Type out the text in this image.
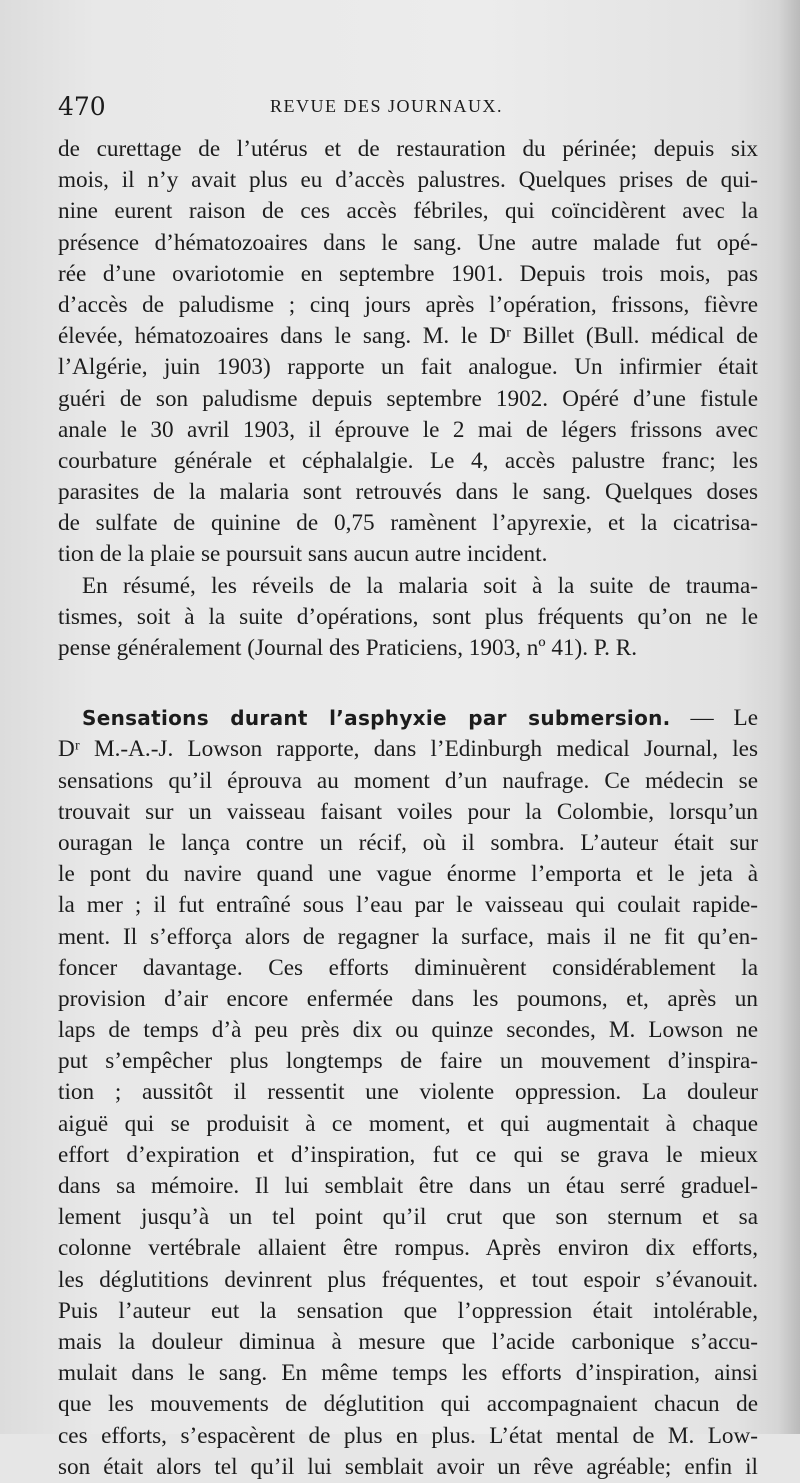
470	REVUE DES JOURNAUX.
de curettage de l’utérus et de restauration du périnée; depuis six
mois, il n’y avait plus eu d’accès palustres. Quelques prises de qui-
nine eurent raison de ces accès fébriles, qui coïncidèrent avec la
présence d’hématozoaires dans le sang. Une autre malade fut opé-
rée d’une ovariotomie en septembre 1901. Depuis trois mois, pas
d’accès de paludisme ; cinq jours après l’opération, frissons, fièvre
élevée, hématozoaires dans le sang. M. le Dʳ Billet (Bull. médical de
l’Algérie, juin 1903) rapporte un fait analogue. Un infirmier était
guéri de son paludisme depuis septembre 1902. Opéré d’une fistule
anale le 30 avril 1903, il éprouve le 2 mai de légers frissons avec
courbature générale et céphalalgie. Le 4, accès palustre franc; les
parasites de la malaria sont retrouvés dans le sang. Quelques doses
de sulfate de quinine de 0,75 ramènent l’apyrexie, et la cicatrisa-
tion de la plaie se poursuit sans aucun autre incident.
En résumé, les réveils de la malaria soit à la suite de trauma-
tismes, soit à la suite d’opérations, sont plus fréquents qu’on ne le
pense généralement (Journal des Praticiens, 1903, nº 41). P. R.
Sensations durant l’asphyxie par submersion. — Le
Dʳ M.-A.-J. Lowson rapporte, dans l’Edinburgh medical Journal, les
sensations qu’il éprouva au moment d’un naufrage. Ce médecin se
trouvait sur un vaisseau faisant voiles pour la Colombie, lorsqu’un
ouragan le lança contre un récif, où il sombra. L’auteur était sur
le pont du navire quand une vague énorme l’emporta et le jeta à
la mer ; il fut entraîné sous l’eau par le vaisseau qui coulait rapide-
ment. Il s’efforça alors de regagner la surface, mais il ne fit qu’en-
foncer davantage. Ces efforts diminuèrent considérablement la
provision d’air encore enfermée dans les poumons, et, après un
laps de temps d’à peu près dix ou quinze secondes, M. Lowson ne
put s’empêcher plus longtemps de faire un mouvement d’inspira-
tion ; aussitôt il ressentit une violente oppression. La douleur
aiguë qui se produisit à ce moment, et qui augmentait à chaque
effort d’expiration et d’inspiration, fut ce qui se grava le mieux
dans sa mémoire. Il lui semblait être dans un étau serré graduel-
lement jusqu’à un tel point qu’il crut que son sternum et sa
colonne vertébrale allaient être rompus. Après environ dix efforts,
les déglutitions devinrent plus fréquentes, et tout espoir s’évanouit.
Puis l’auteur eut la sensation que l’oppression était intolérable,
mais la douleur diminua à mesure que l’acide carbonique s’accu-
mulait dans le sang. En même temps les efforts d’inspiration, ainsi
que les mouvements de déglutition qui accompagnaient chacun de
ces efforts, s’espacèrent de plus en plus. L’état mental de M. Low-
son était alors tel qu’il lui semblait avoir un rêve agréable; enfin il
